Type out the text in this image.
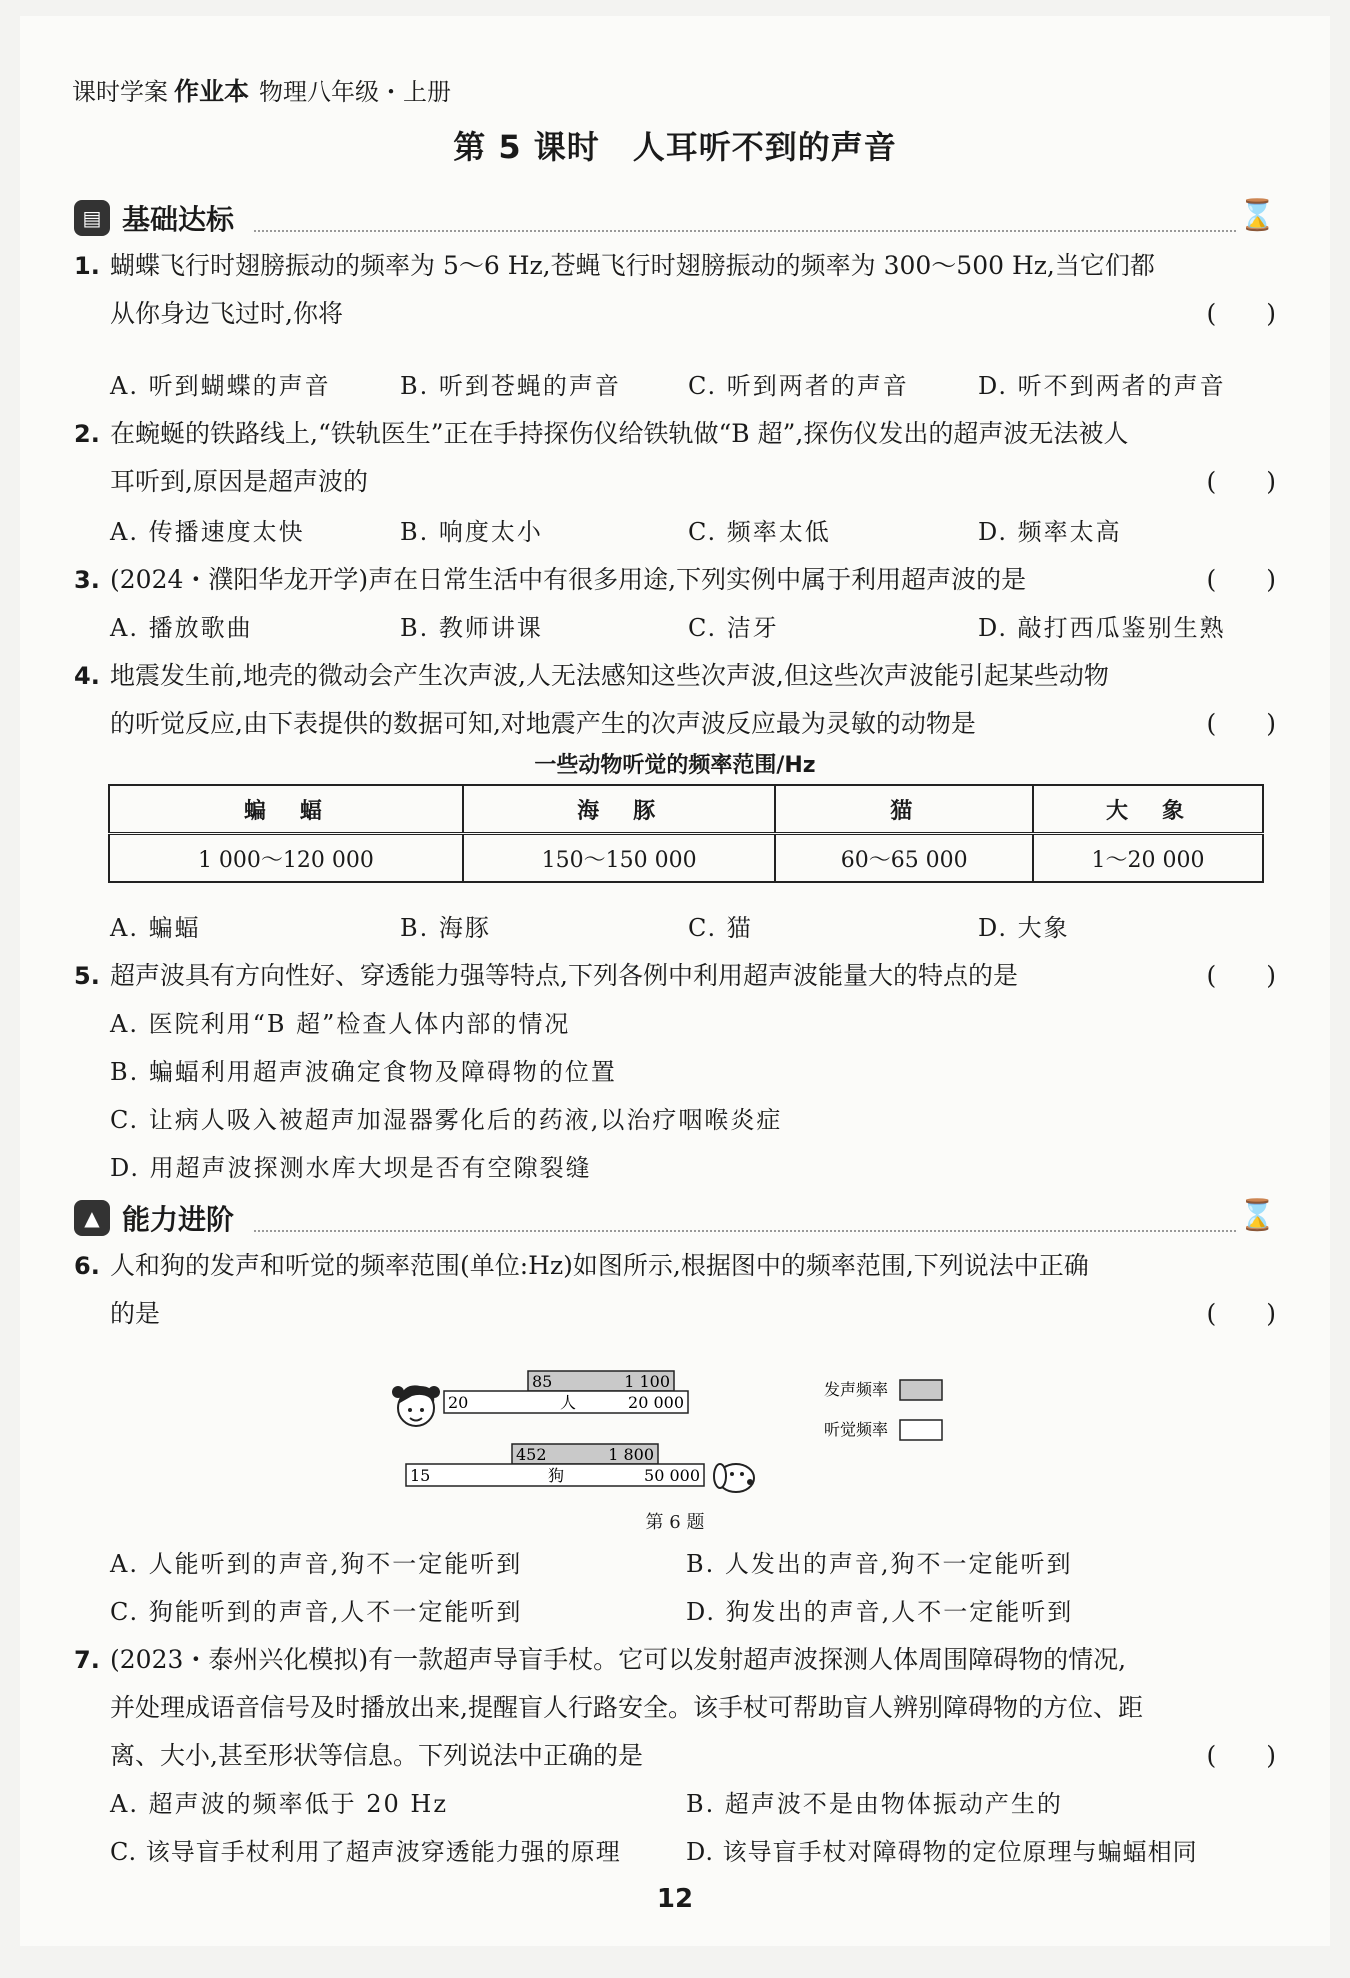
课时学案 作业本 物理八年级・上册
第 5 课时　人耳听不到的声音
▤ 基础达标	⌛
1. 蝴蝶飞行时翅膀振动的频率为 5～6 Hz,苍蝇飞行时翅膀振动的频率为 300～500 Hz,当它们都
从你身边飞过时,你将	(　　)
A. 听到蝴蝶的声音	B. 听到苍蝇的声音	C. 听到两者的声音	D. 听不到两者的声音
2. 在蜿蜒的铁路线上,“铁轨医生”正在手持探伤仪给铁轨做“B 超”,探伤仪发出的超声波无法被人
耳听到,原因是超声波的	(　　)
A. 传播速度太快	B. 响度太小	C. 频率太低	D. 频率太高
3. (2024・濮阳华龙开学)声在日常生活中有很多用途,下列实例中属于利用超声波的是	(　　)
A. 播放歌曲	B. 教师讲课	C. 洁牙	D. 敲打西瓜鉴别生熟
4. 地震发生前,地壳的微动会产生次声波,人无法感知这些次声波,但这些次声波能引起某些动物
的听觉反应,由下表提供的数据可知,对地震产生的次声波反应最为灵敏的动物是	(　　)
一些动物听觉的频率范围/Hz
蝙　蝠	海　豚	猫	大　象
1 000～120 000	150～150 000	60～65 000	1～20 000
A. 蝙蝠	B. 海豚	C. 猫	D. 大象
5. 超声波具有方向性好、穿透能力强等特点,下列各例中利用超声波能量大的特点的是	(　　)
A. 医院利用“B 超”检查人体内部的情况
B. 蝙蝠利用超声波确定食物及障碍物的位置
C. 让病人吸入被超声加湿器雾化后的药液,以治疗咽喉炎症
D. 用超声波探测水库大坝是否有空隙裂缝
▲ 能力进阶	⌛
6. 人和狗的发声和听觉的频率范围(单位:Hz)如图所示,根据图中的频率范围,下列说法中正确
的是	(　　)
85	1 100
20	人	20 000
452	1 800
15	狗	50 000
发声频率
听觉频率
第 6 题
A. 人能听到的声音,狗不一定能听到	B. 人发出的声音,狗不一定能听到
C. 狗能听到的声音,人不一定能听到	D. 狗发出的声音,人不一定能听到
7. (2023・泰州兴化模拟)有一款超声导盲手杖。它可以发射超声波探测人体周围障碍物的情况,
并处理成语音信号及时播放出来,提醒盲人行路安全。该手杖可帮助盲人辨别障碍物的方位、距
离、大小,甚至形状等信息。下列说法中正确的是	(　　)
A. 超声波的频率低于 20 Hz	B. 超声波不是由物体振动产生的
C. 该导盲手杖利用了超声波穿透能力强的原理	D. 该导盲手杖对障碍物的定位原理与蝙蝠相同
12
